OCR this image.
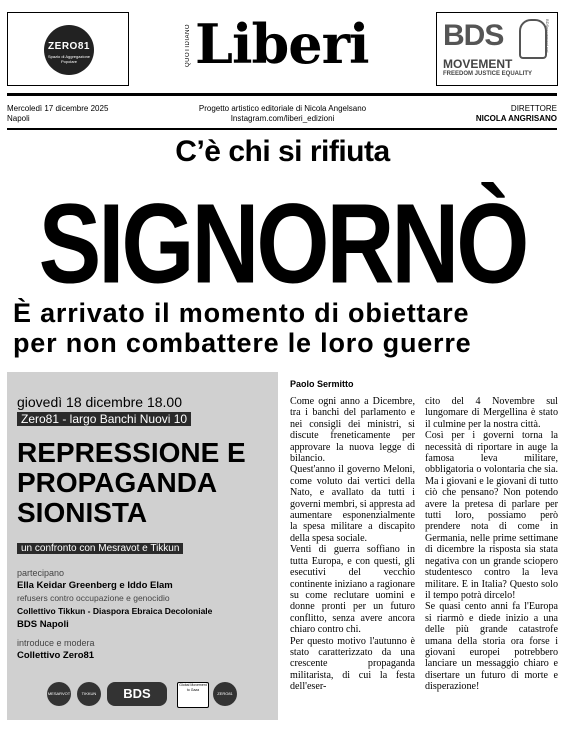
ZERO81
Spazio di Aggregazione Popolare	QUOTIDIANO Liberi BDS
MOVEMENT
FREEDOM JUSTICE EQUALITY
BDSmovement.net
Mercoledì 17 dicembre 2025
Napoli
Progetto artistico editoriale di Nicola Angelsano
Instagram.com/liberi_edizioni
DIRETTORE
NICOLA ANGRISANO
C’è chi si rifiuta
SIGNORNÒ
È arrivato il momento di obiettare
per non combattere le loro guerre
giovedì 18 dicembre 18.00
Zero81 - largo Banchi Nuovi 10
REPRESSIONE E
PROPAGANDA
SIONISTA
un confronto con Mesravot e Tikkun
partecipano
Ella Keidar Greenberg e Iddo Elam
refusers contro occupazione e genocidio
Collettivo Tikkun - Diaspora Ebraica Decoloniale
BDS Napoli
introduce e modera
Collettivo Zero81
MESARVOT	TIKKUN	BDS
Global Movement to Gaza
ZERO81
Paolo Sermitto

Come ogni anno a Dicembre, tra i banchi del parlamento e nei consigli dei ministri, si discute freneticamente per approvare la nuova legge di bilancio.

Quest'anno il governo Meloni, come voluto dai vertici della Nato, e avallato da tutti i governi membri, si appresta ad aumentare esponenzialmente la spesa militare a discapito della spesa sociale.

Venti di guerra soffiano in tutta Europa, e con questi, gli esecutivi del vecchio continente iniziano a ragionare su come reclutare uomini e donne pronti per un futuro conflitto, senza avere ancora chiaro contro chi.

Per questo motivo l'autunno è stato caratterizzato da una crescente propaganda militarista, di cui la festa dell'eser-

cito del 4 Novembre sul lungomare di Mergellina è stato il culmine per la nostra città.

Così per i governi torna la necessità di riportare in auge la famosa leva militare, obbligatoria o volontaria che sia. Ma i giovani e le giovani di tutto ciò che pensano? Non potendo avere la pretesa di parlare per tutti loro, possiamo però prendere nota di come in Germania, nelle prime settimane di dicembre la risposta sia stata negativa con un grande sciopero studentesco contro la leva militare. E in Italia? Questo solo il tempo potrà dircelo!

Se quasi cento anni fa l'Europa si riarmò e diede inizio a una delle più grande catastrofe umana della storia ora forse i giovani europei potrebbero lanciare un messaggio chiaro e disertare un futuro di morte e disperazione!
